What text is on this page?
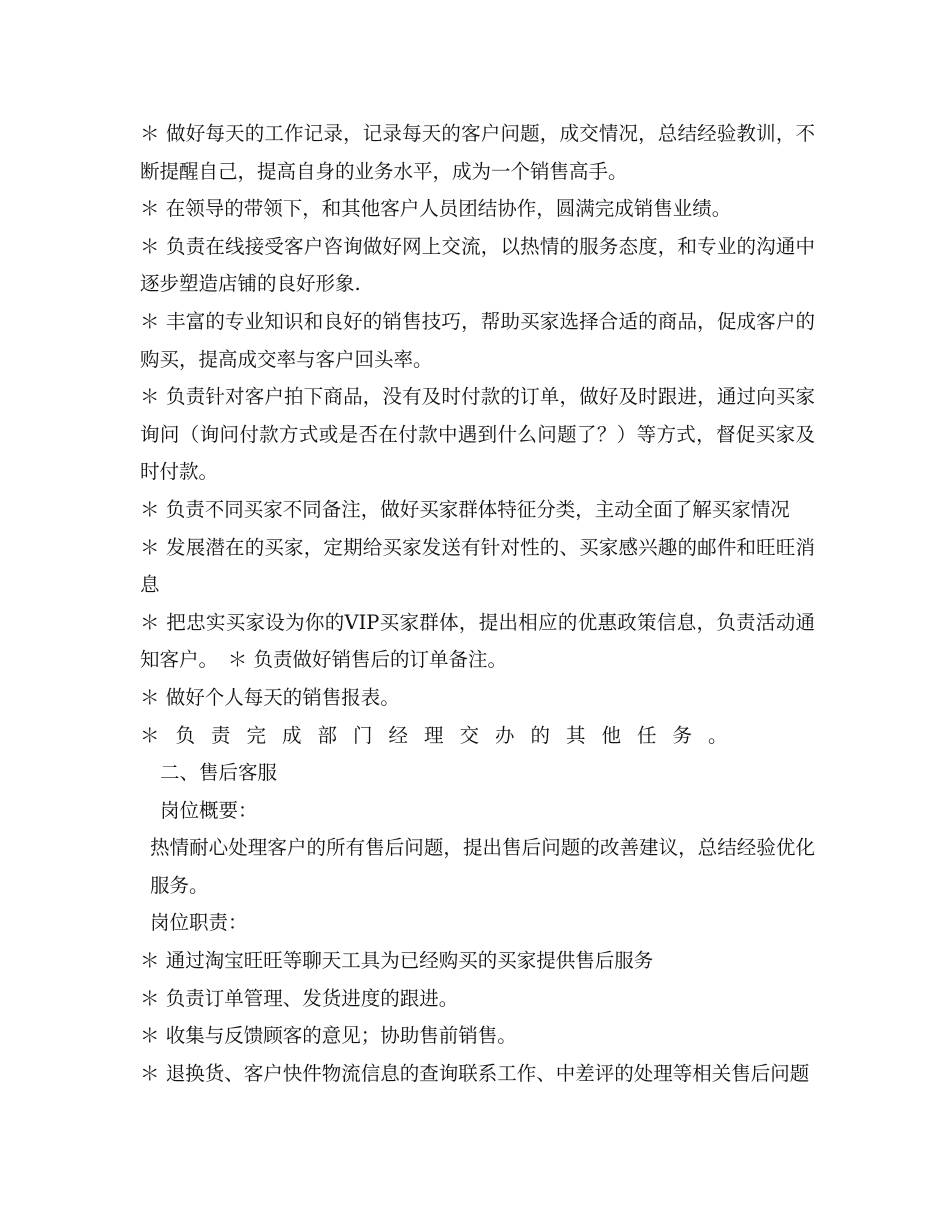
＊ 做好每天的工作记录，记录每天的客户问题，成交情况，总结经验教训，不断提醒自己，提高自身的业务水平，成为一个销售高手。

＊ 在领导的带领下，和其他客户人员团结协作，圆满完成销售业绩。

＊ 负责在线接受客户咨询做好网上交流，以热情的服务态度，和专业的沟通中逐步塑造店铺的良好形象.

＊ 丰富的专业知识和良好的销售技巧，帮助买家选择合适的商品，促成客户的购买，提高成交率与客户回头率。

＊ 负责针对客户拍下商品，没有及时付款的订单，做好及时跟进，通过向买家询问（询问付款方式或是否在付款中遇到什么问题了？）等方式，督促买家及时付款。

＊ 负责不同买家不同备注，做好买家群体特征分类，主动全面了解买家情况

＊ 发展潜在的买家，定期给买家发送有针对性的、买家感兴趣的邮件和旺旺消息

＊ 把忠实买家设为你的VIP买家群体，提出相应的优惠政策信息，负责活动通知客户。　＊ 负责做好销售后的订单备注。

＊ 做好个人每天的销售报表。

＊负责完成部门经理交办的其他任务。

二、售后客服

岗位概要：

热情耐心处理客户的所有售后问题，提出售后问题的改善建议，总结经验优化服务。

岗位职责：

＊ 通过淘宝旺旺等聊天工具为已经购买的买家提供售后服务

＊ 负责订单管理、发货进度的跟进。

＊ 收集与反馈顾客的意见；协助售前销售。

＊ 退换货、客户快件物流信息的查询联系工作、中差评的处理等相关售后问题
